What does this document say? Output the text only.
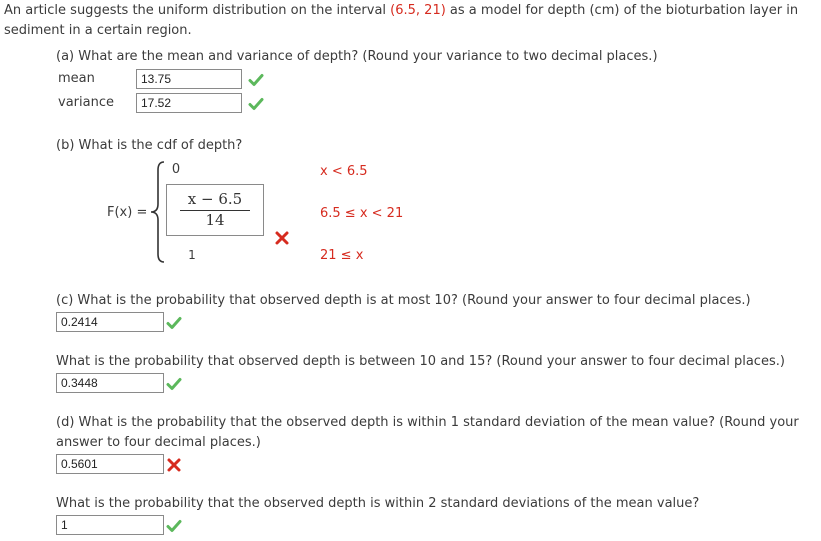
An article suggests the uniform distribution on the interval (6.5, 21) as a model for depth (cm) of the bioturbation layer in sediment in a certain region.
(a) What are the mean and variance of depth? (Round your variance to two decimal places.)
mean	13.75
variance	17.52
(b) What is the cdf of depth?
F(x) =
0	x < 6.5
x − 6.5
14	6.5 ≤ x < 21
1	21 ≤ x
(c) What is the probability that observed depth is at most 10? (Round your answer to four decimal places.)
0.2414
What is the probability that observed depth is between 10 and 15? (Round your answer to four decimal places.)
0.3448
(d) What is the probability that the observed depth is within 1 standard deviation of the mean value? (Round your
answer to four decimal places.)
0.5601
What is the probability that the observed depth is within 2 standard deviations of the mean value?
1
